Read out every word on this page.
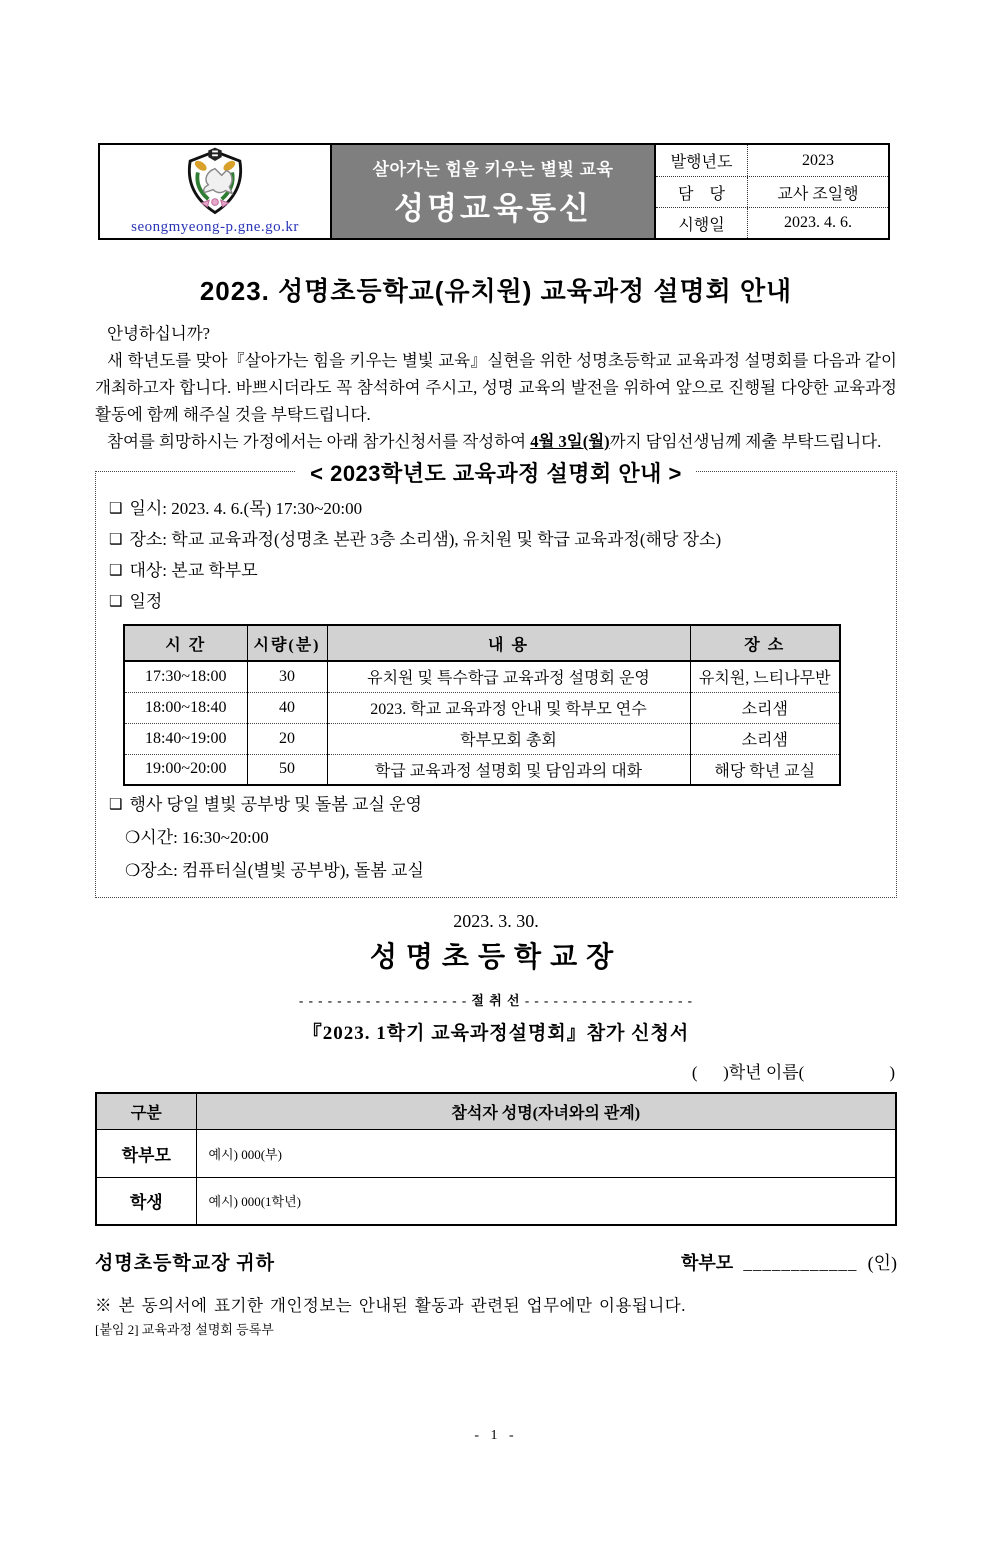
seongmyeong-p.gne.go.kr
살아가는 힘을 키우는 별빛 교육
성명교육통신
발행년도	2023
담    당	교사 조일행
시행일	2023. 4. 6.
2023. 성명초등학교(유치원) 교육과정 설명회 안내

안녕하십니까?

새 학년도를 맞아『살아가는 힘을 키우는 별빛 교육』실현을 위한 성명초등학교 교육과정 설명회를 다음과 같이 개최하고자 합니다. 바쁘시더라도 꼭 참석하여 주시고, 성명 교육의 발전을 위하여 앞으로 진행될 다양한 교육과정 활동에 함께 해주실 것을 부탁드립니다.

참여를 희망하시는 가정에서는 아래 참가신청서를 작성하여 4월 3일(월)까지 담임선생님께 제출 부탁드립니다.

< 2023학년도 교육과정 설명회 안내 >
❑ 일시: 2023. 4. 6.(목) 17:30~20:00
❑ 장소: 학교 교육과정(성명초 본관 3층 소리샘), 유치원 및 학급 교육과정(해당 장소)
❑ 대상: 본교 학부모
❑ 일정
시 간	시량(분)	내 용	장 소
17:30~18:00	30	유치원 및 특수학급 교육과정 설명회 운영	유치원, 느티나무반
18:00~18:40	40	2023. 학교 교육과정 안내 및 학부모 연수	소리샘
18:40~19:00	20	학부모회 총회	소리샘
19:00~20:00	50	학급 교육과정 설명회 및 담임과의 대화	해당 학년 교실
❑ 행사 당일 별빛 공부방 및 돌봄 교실 운영
❍시간: 16:30~20:00
❍장소: 컴퓨터실(별빛 공부방), 돌봄 교실
2023. 3. 30.
성명초등학교장
- - - - - - - - - - - - - - - - - - 절 취 선 - - - - - - - - - - - - - - - - - -
『2023. 1학기 교육과정설명회』참가 신청서
(      )학년 이름(                    )
구분	참석자 성명(자녀와의 관계)
학부모	예시) 000(부)
학생	예시) 000(1학년)
성명초등학교장 귀하	학부모 ____________ (인)
※ 본 동의서에 표기한 개인정보는 안내된 활동과 관련된 업무에만 이용됩니다.
[붙임 2] 교육과정 설명회 등록부
- 1 -
